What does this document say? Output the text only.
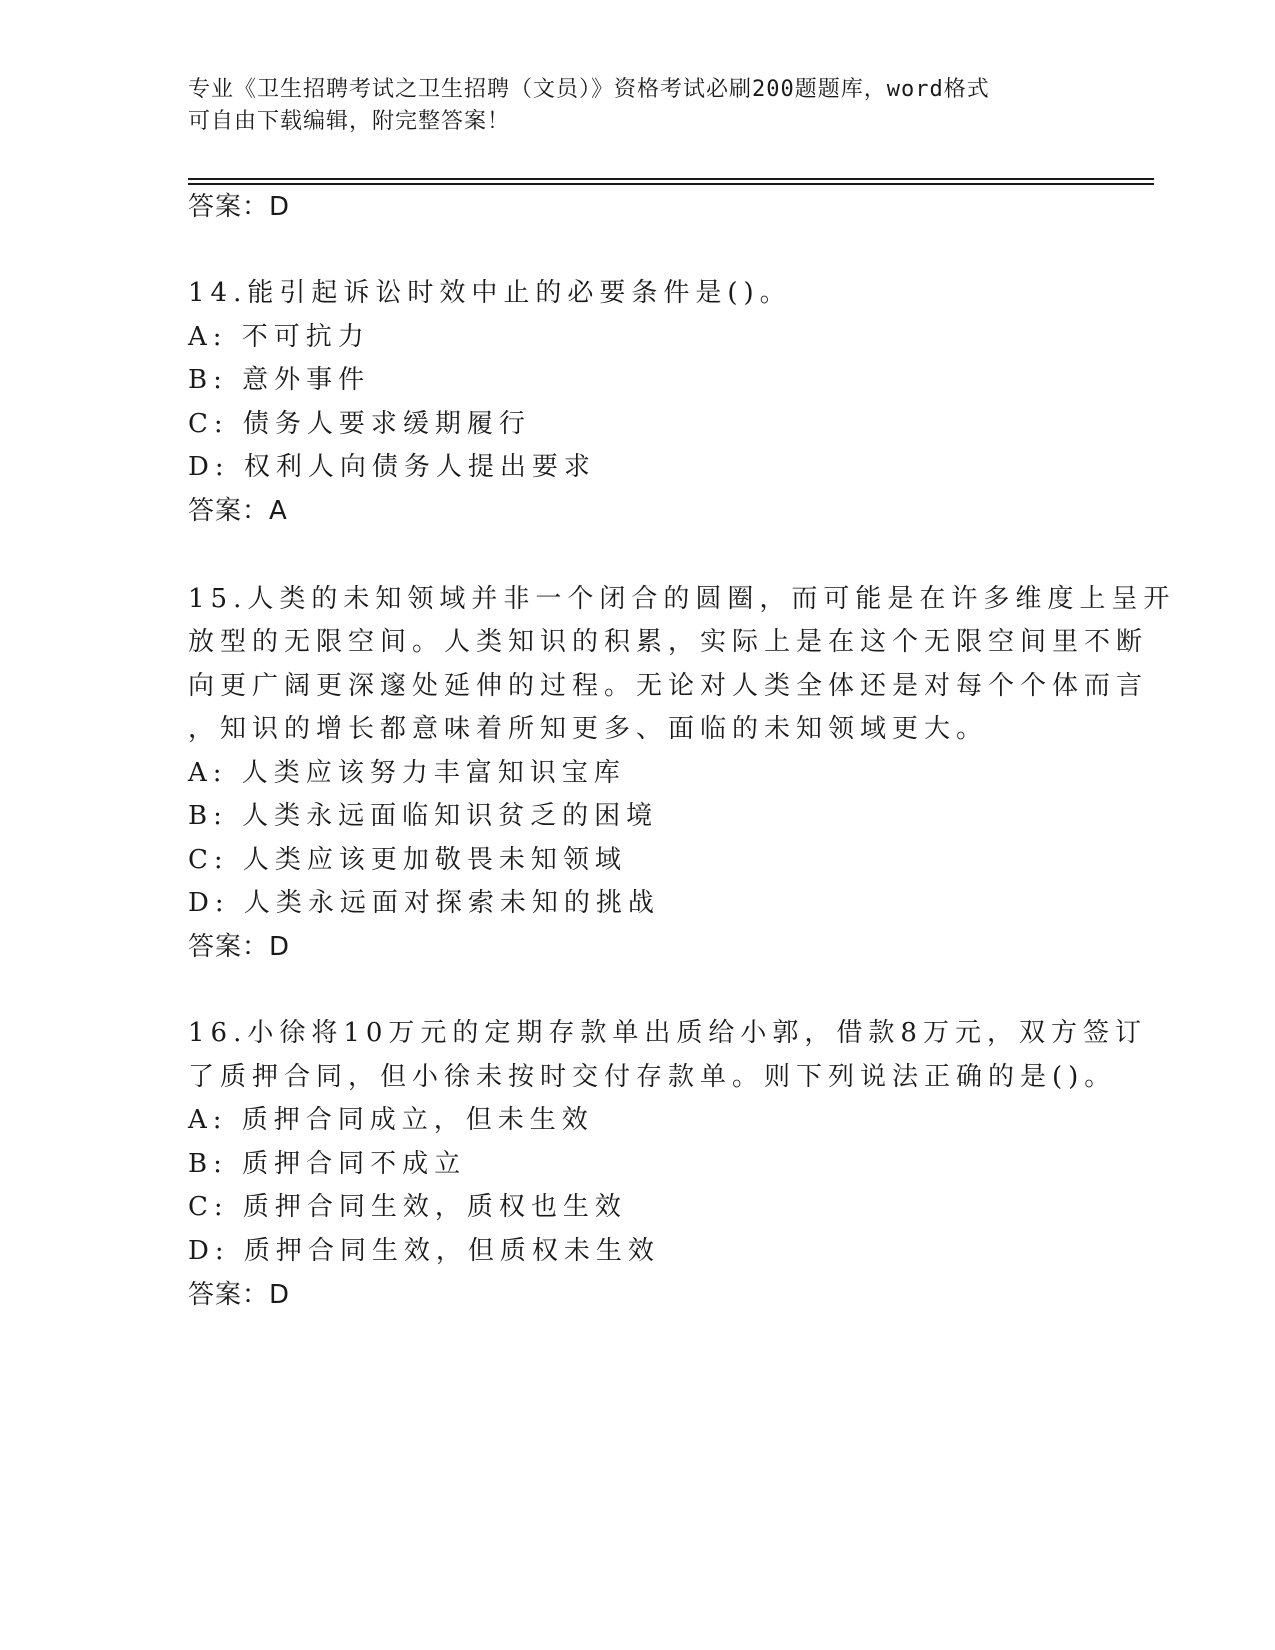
专业《卫生招聘考试之卫生招聘（文员）》资格考试必刷200题题库，word格式
可自由下载编辑，附完整答案！
答案：D
14.能引起诉讼时效中止的必要条件是()。
A: 不可抗力
B: 意外事件
C: 债务人要求缓期履行
D: 权利人向债务人提出要求
答案：A
15.人类的未知领域并非一个闭合的圆圈，而可能是在许多维度上呈开
放型的无限空间。人类知识的积累，实际上是在这个无限空间里不断
向更广阔更深邃处延伸的过程。无论对人类全体还是对每个个体而言
，知识的增长都意味着所知更多、面临的未知领域更大。
A: 人类应该努力丰富知识宝库
B: 人类永远面临知识贫乏的困境
C: 人类应该更加敬畏未知领域
D: 人类永远面对探索未知的挑战
答案：D
16.小徐将10万元的定期存款单出质给小郭，借款8万元，双方签订
了质押合同，但小徐未按时交付存款单。则下列说法正确的是()。
A: 质押合同成立，但未生效
B: 质押合同不成立
C: 质押合同生效，质权也生效
D: 质押合同生效，但质权未生效
答案：D
